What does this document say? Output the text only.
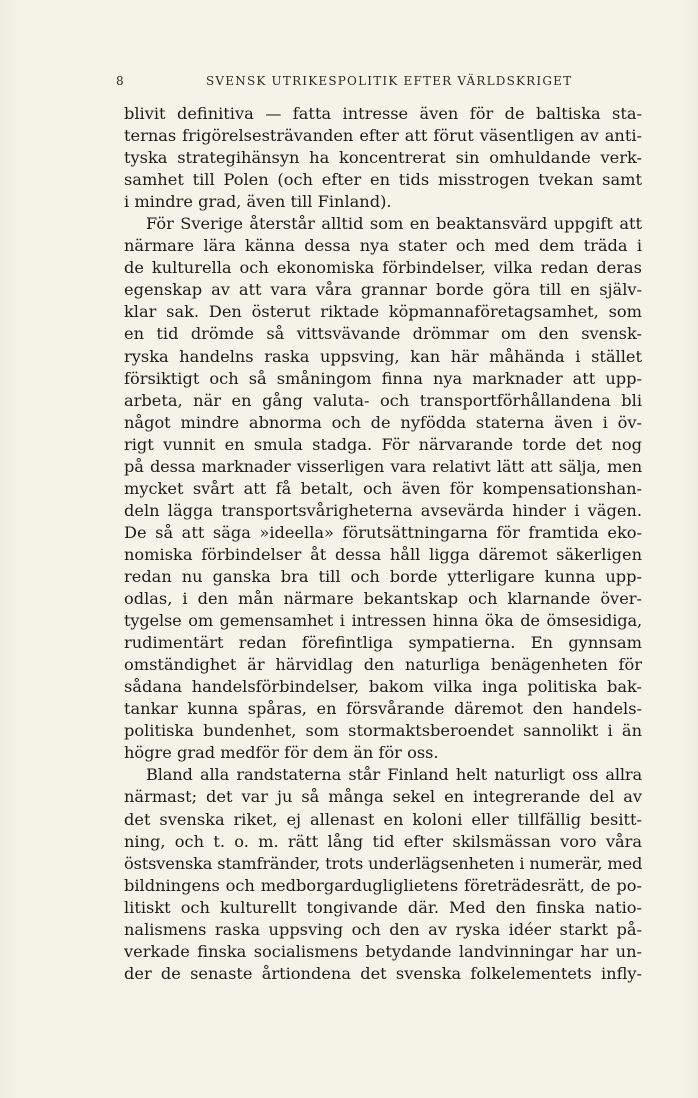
8	SVENSK UTRIKESPOLITIK EFTER VÄRLDSKRIGET
blivit definitiva — fatta intresse även för de baltiska sta-
ternas frigörelsesträvanden efter att förut väsentligen av anti-
tyska strategihänsyn ha koncentrerat sin omhuldande verk-
samhet till Polen (och efter en tids misstrogen tvekan samt
i mindre grad, även till Finland).
För Sverige återstår alltid som en beaktansvärd uppgift att
närmare lära känna dessa nya stater och med dem träda i
de kulturella och ekonomiska förbindelser, vilka redan deras
egenskap av att vara våra grannar borde göra till en själv-
klar sak. Den österut riktade köpmannaföretagsamhet, som
en tid drömde så vittsvävande drömmar om den svensk-
ryska handelns raska uppsving, kan här måhända i stället
försiktigt och så småningom finna nya marknader att upp-
arbeta, när en gång valuta- och transportförhållandena bli
något mindre abnorma och de nyfödda staterna även i öv-
rigt vunnit en smula stadga. För närvarande torde det nog
på dessa marknader visserligen vara relativt lätt att sälja, men
mycket svårt att få betalt, och även för kompensationshan-
deln lägga transportsvårigheterna avsevärda hinder i vägen.
De så att säga »ideella» förutsättningarna för framtida eko-
nomiska förbindelser åt dessa håll ligga däremot säkerligen
redan nu ganska bra till och borde ytterligare kunna upp-
odlas, i den mån närmare bekantskap och klarnande över-
tygelse om gemensamhet i intressen hinna öka de ömsesidiga,
rudimentärt redan förefintliga sympatierna. En gynnsam
omständighet är härvidlag den naturliga benägenheten för
sådana handelsförbindelser, bakom vilka inga politiska bak-
tankar kunna spåras, en försvårande däremot den handels-
politiska bundenhet, som stormaktsberoendet sannolikt i än
högre grad medför för dem än för oss.
Bland alla randstaterna står Finland helt naturligt oss allra
närmast; det var ju så många sekel en integrerande del av
det svenska riket, ej allenast en koloni eller tillfällig besitt-
ning, och t. o. m. rätt lång tid efter skilsmässan voro våra
östsvenska stamfränder, trots underlägsenheten i numerär, med
bildningens och medborgardugliglietens företrädesrätt, de po-
litiskt och kulturellt tongivande där. Med den finska natio-
nalismens raska uppsving och den av ryska idéer starkt på-
verkade finska socialismens betydande landvinningar har un-
der de senaste årtiondena det svenska folkelementets infly-
